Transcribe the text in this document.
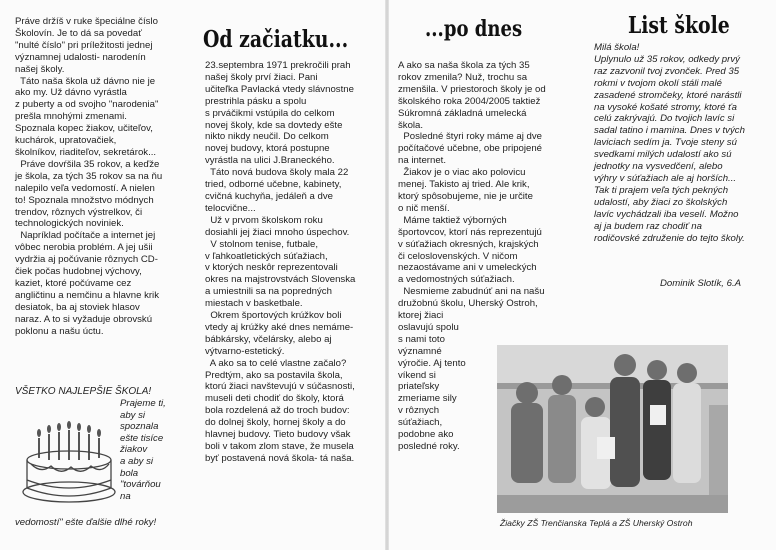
Práve držíš v ruke špeciálne číslo
Školovín. Je to dá sa povedať
"nulté číslo" pri príležitosti jednej
významnej udalosti- narodenín
našej školy.
Táto naša škola už dávno nie je
ako my. Už dávno vyrástla
z puberty a od svojho "narodenia"
prešla mnohými zmenami.
Spoznala kopec žiakov, učiteľov,
kuchárok, upratovačiek,
školníkov, riaditeľov, sekretárok...
Práve dovŕšila 35 rokov, a keďže
je škola, za tých 35 rokov sa na ňu
nalepilo veľa vedomostí. A nielen
to! Spoznala množstvo módnych
trendov, rôznych výstrelkov, či
technologických noviniek.
Napríklad počítače a internet jej
vôbec nerobia problém. A jej ušii
vydržia aj počúvanie rôznych CD-
čiek počas hudobnej výchovy,
kaziet, ktoré počúvame cez
angličtinu a nemčinu a hlavne krik
desiatok, ba aj stoviek hlasov
naraz. A to si vyžaduje obrovskú
poklonu a našu úctu.
VŠETKO NAJLEPŠIE ŠKOLA!
Prajeme ti,
aby si
spoznala
ešte tisíce
žiakov
a aby si
bola
"továrňou
na
vedomostí" ešte ďalšie dlhé roky!
Od začiatku...
23.septembra 1971 prekročili prah
našej školy prví žiaci. Pani
učiteľka Pavlacká vtedy slávnostne
prestrihla pásku a spolu
s prváčikmi vstúpila do celkom
novej školy, kde sa dovtedy ešte
nikto nikdy neučil. Do celkom
novej budovy, ktorá postupne
vyrástla na ulici J.Braneckého.
Táto nová budova školy mala 22
tried, odborné učebne, kabinety,
cvičná kuchyňa, jedáleň a dve
telocvične...
Už v prvom školskom roku
dosiahli jej žiaci mnoho úspechov.
V stolnom tenise, futbale,
v ľahkoatletických súťažiach,
v ktorých neskôr reprezentovali
okres na majstrovstvách Slovenska
a umiestnili sa na popredných
miestach v basketbale.
Okrem športových krúžkov boli
vtedy aj krúžky aké dnes nemáme-
bábkársky, včelársky, alebo aj
výtvarno-estetický.
A ako sa to celé vlastne začalo?
Predtým, ako sa postavila škola,
ktorú žiaci navštevujú v súčasnosti,
museli deti chodiť do školy, ktorá
bola rozdelená až do troch budov:
do dolnej školy, hornej školy a do
hlavnej budovy. Tieto budovy však
boli v takom zlom stave, že musela
byť postavená nová škola- tá naša.
...po dnes
A ako sa naša škola za tých 35
rokov zmenila? Nuž, trochu sa
zmenšila. V priestoroch školy je od
školského roka 2004/2005 taktiež
Súkromná základná umelecká
škola.
Posledné štyri roky máme aj dve
počítačové učebne, obe pripojené
na internet.
Žiakov je o viac ako polovicu
menej. Takisto aj tried. Ale krik,
ktorý spôsobujeme, nie je určite
o nič menší.
Máme taktiež výborných
športovcov, ktorí nás reprezentujú
v súťažiach okresných, krajských
či celoslovenských. V ničom
nezaostávame ani v umeleckých
a vedomostných súťažiach.
Nesmieme zabudnúť ani na našu
družobnú školu, Uherský Ostroh,
ktorej žiaci
oslavujú spolu
s nami toto
významné
výročie. Aj tento
víkend si
priateľsky
zmeriame sily
v rôznych
súťažiach,
podobne ako
posledné roky.
List škole
Milá škola!
Uplynulo už 35 rokov, odkedy prvý
raz zazvonil tvoj zvonček. Pred 35
rokmi v tvojom okolí stáli malé
zasadené stromčeky, ktoré narástli
na vysoké košaté stromy, ktoré ťa
celú zakrývajú. Do tvojich lavíc si
sadal tatino i mamina. Dnes v tvých
laviciach sedím ja. Tvoje steny sú
svedkami milých udalostí ako sú
jednotky na vysvedčení, alebo
výhry v súťažiach ale aj horších...
Tak ti prajem veľa tých pekných
udalostí, aby žiaci zo školských
lavíc vychádzali iba veselí. Možno
aj ja budem raz chodiť na
rodičovské združenie do tejto školy.
Dominik Slotík, 6.A
Žiačky ZŠ Trenčianska Teplá a ZŠ Uherský Ostroh
